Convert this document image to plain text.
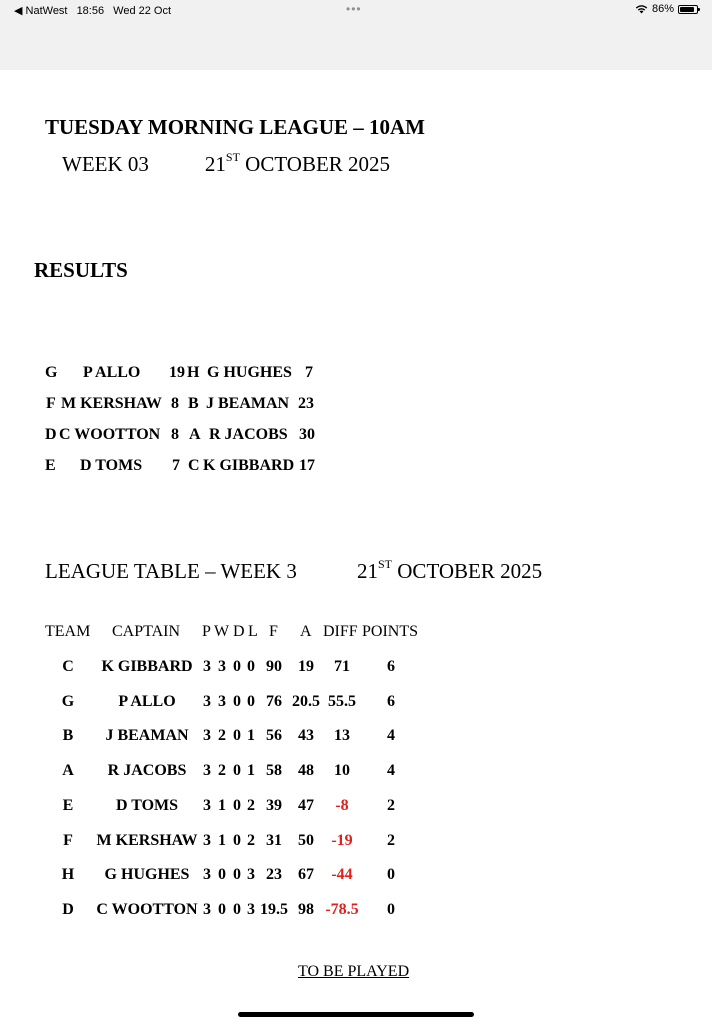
◀ NatWest 18:56 Wed 22 Oct	•••	86%
TUESDAY MORNING LEAGUE – 10AM
WEEK 03	21ST OCTOBER 2025
RESULTS
G P ALLO 19 H G HUGHES 7
F M KERSHAW 8 B J BEAMAN 23
D C WOOTTON 8 A R JACOBS 30
E D TOMS 7 C K GIBBARD 17
LEAGUE TABLE – WEEK 3	21ST OCTOBER 2025
TEAM CAPTAIN P W D L F A DIFF POINTS
C K GIBBARD 3 3 0 0 90 19 71 6
G	P ALLO 3 3 0 0 76 20.5 55.5 6
B J BEAMAN 3 2 0 1 56 43 13 4
A R JACOBS 3 2 0 1 58 48 10 4
E	D TOMS 3 1 0 2 39 47 -8 2
F M KERSHAW 3 1 0 2 31 50 -19 2
H G HUGHES 3 0 0 3 23 67 -44 0
D C WOOTTON 3 0 0 3 19.5 98 -78.5 0
TO BE PLAYED
